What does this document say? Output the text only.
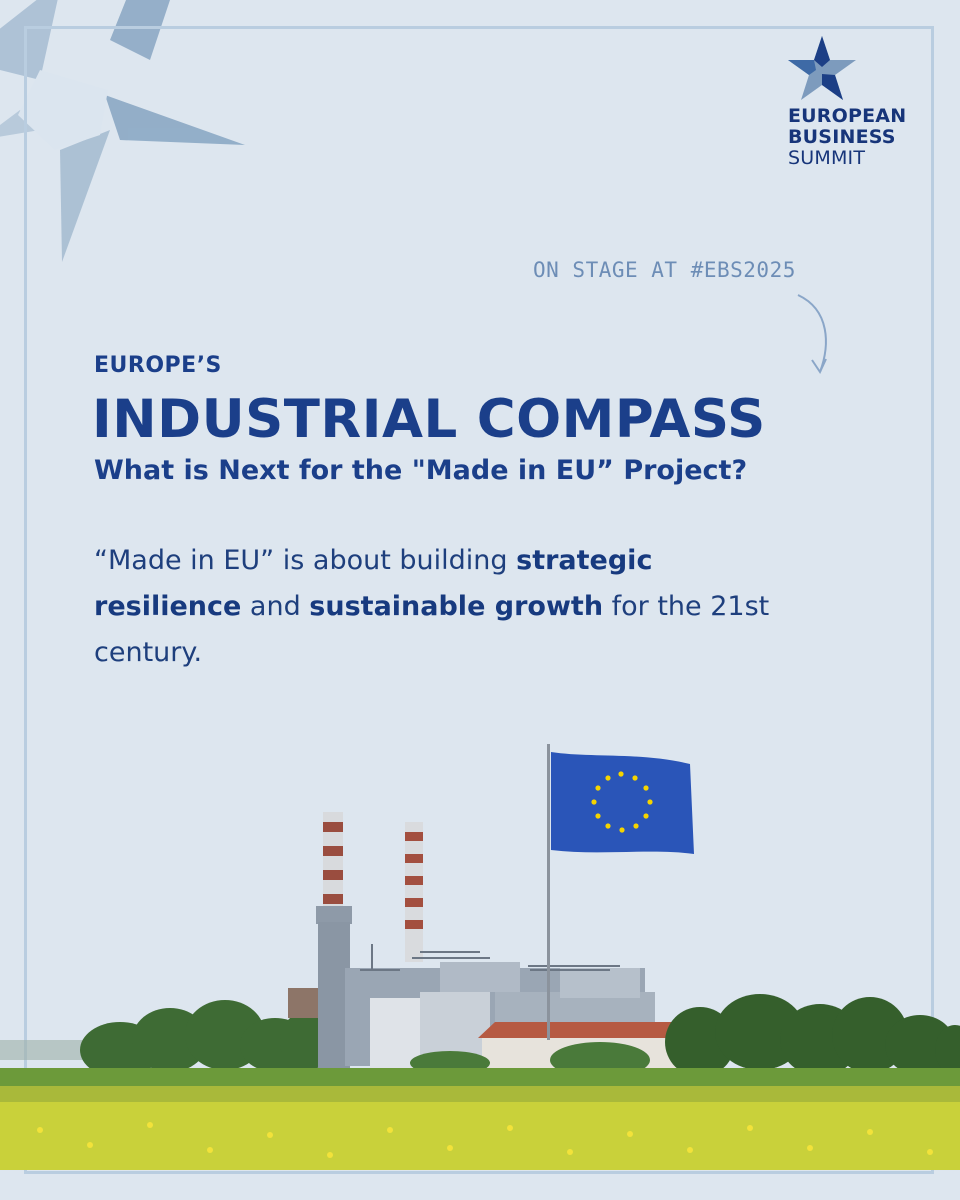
EUROPEAN
BUSINESS
SUMMIT
ON STAGE AT #EBS2025
EUROPE’S
INDUSTRIAL COMPASS
What is Next for the "Made in EU” Project?
“Made in EU” is about building strategic resilience and sustainable growth for the 21st century.
